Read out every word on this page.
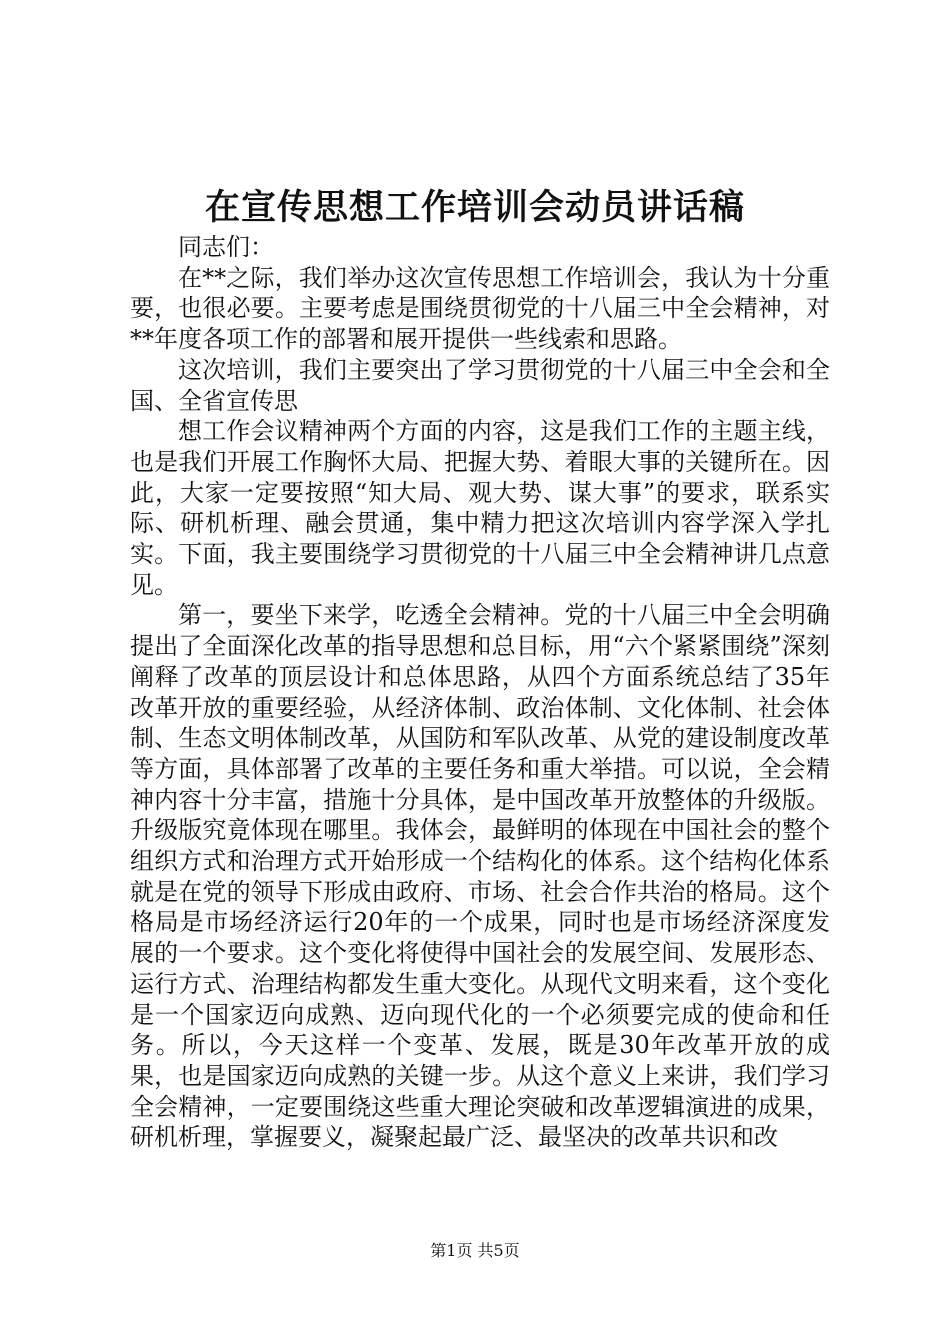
在宣传思想工作培训会动员讲话稿

同志们：

在**之际，我们举办这次宣传思想工作培训会，我认为十分重要，也很必要。主要考虑是围绕贯彻党的十八届三中全会精神，对**年度各项工作的部署和展开提供一些线索和思路。

这次培训，我们主要突出了学习贯彻党的十八届三中全会和全国、全省宣传思

想工作会议精神两个方面的内容，这是我们工作的主题主线，也是我们开展工作胸怀大局、把握大势、着眼大事的关键所在。因此，大家一定要按照“知大局、观大势、谋大事”的要求，联系实际、研机析理、融会贯通，集中精力把这次培训内容学深入学扎实。下面，我主要围绕学习贯彻党的十八届三中全会精神讲几点意见。

第一，要坐下来学，吃透全会精神。党的十八届三中全会明确提出了全面深化改革的指导思想和总目标，用“六个紧紧围绕”深刻阐释了改革的顶层设计和总体思路，从四个方面系统总结了35年改革开放的重要经验，从经济体制、政治体制、文化体制、社会体制、生态文明体制改革，从国防和军队改革、从党的建设制度改革等方面，具体部署了改革的主要任务和重大举措。可以说，全会精神内容十分丰富，措施十分具体，是中国改革开放整体的升级版。升级版究竟体现在哪里。我体会，最鲜明的体现在中国社会的整个组织方式和治理方式开始形成一个结构化的体系。这个结构化体系就是在党的领导下形成由政府、市场、社会合作共治的格局。这个格局是市场经济运行20年的一个成果，同时也是市场经济深度发展的一个要求。这个变化将使得中国社会的发展空间、发展形态、运行方式、治理结构都发生重大变化。从现代文明来看，这个变化是一个国家迈向成熟、迈向现代化的一个必须要完成的使命和任务。所以，今天这样一个变革、发展，既是30年改革开放的成果，也是国家迈向成熟的关键一步。从这个意义上来讲，我们学习全会精神，一定要围绕这些重大理论突破和改革逻辑演进的成果，研机析理，掌握要义，凝聚起最广泛、最坚决的改革共识和改

第1页 共5页
